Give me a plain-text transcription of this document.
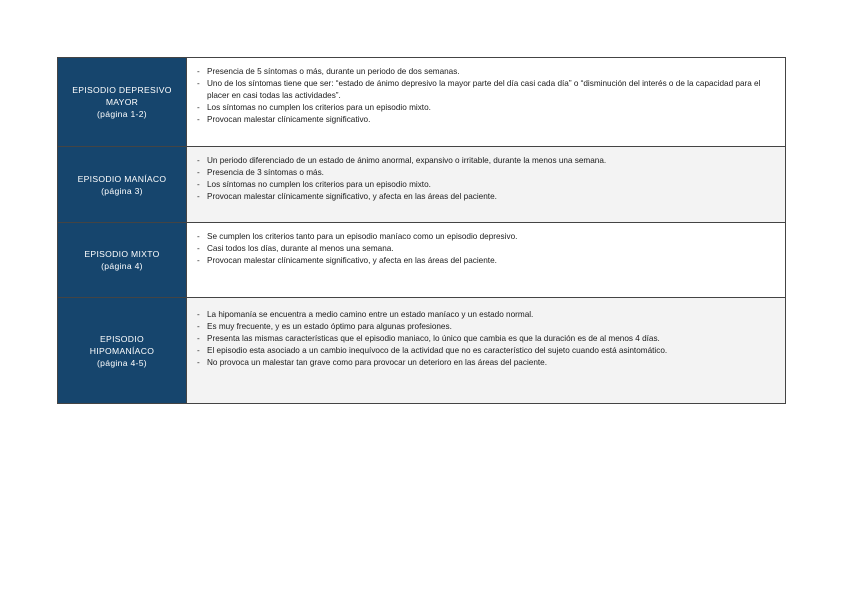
EPISODIO DEPRESIVO
MAYOR
(página 1-2)
- Presencia de 5 síntomas o más, durante un periodo de dos semanas.
- Uno de los síntomas tiene que ser: “estado de ánimo depresivo la mayor parte del día casi cada día” o “disminución del interés o de la capacidad para el placer en casi todas las actividades”.
- Los síntomas no cumplen los criterios para un episodio mixto.
- Provocan malestar clínicamente significativo.
EPISODIO MANÍACO
(página 3)
- Un periodo diferenciado de un estado de ánimo anormal, expansivo o irritable, durante la menos una semana.
- Presencia de 3 síntomas o más.
- Los síntomas no cumplen los criterios para un episodio mixto.
- Provocan malestar clínicamente significativo, y afecta en las áreas del paciente.
EPISODIO MIXTO
(página 4)
- Se cumplen los criterios tanto para un episodio maníaco como un episodio depresivo.
- Casi todos los días, durante al menos una semana.
- Provocan malestar clínicamente significativo, y afecta en las áreas del paciente.
EPISODIO
HIPOMANÍACO
(página 4-5)
- La hipomanía se encuentra a medio camino entre un estado maníaco y un estado normal.
- Es muy frecuente, y es un estado óptimo para algunas profesiones.
- Presenta las mismas características que el episodio maniaco, lo único que cambia es que la duración es de al menos 4 días.
- El episodio esta asociado a un cambio inequívoco de la actividad que no es característico del sujeto cuando está asintomático.
- No provoca un malestar tan grave como para provocar un deterioro en las áreas del paciente.
